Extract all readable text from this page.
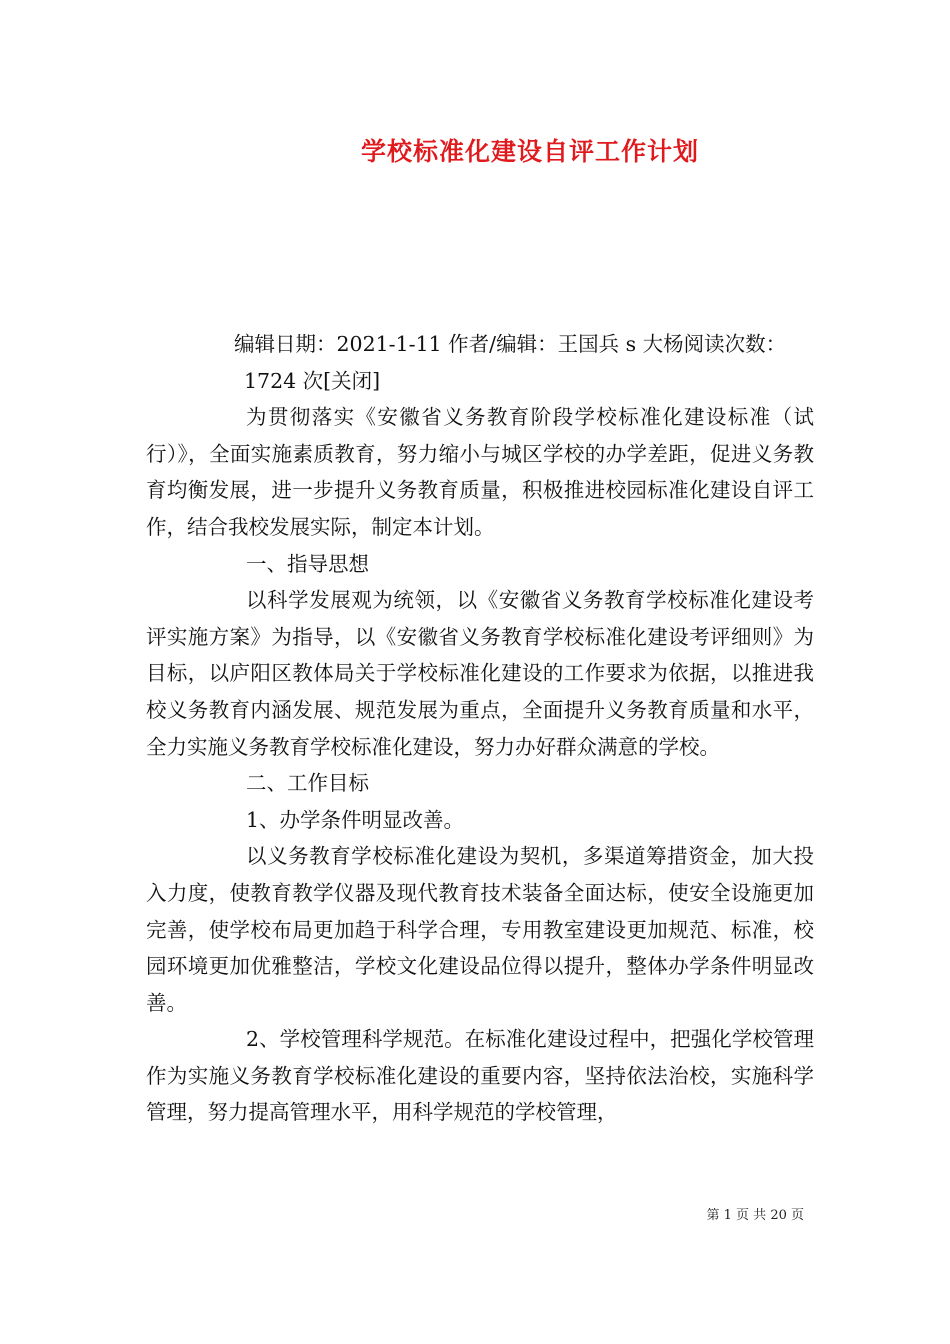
学校标准化建设自评工作计划

编辑日期：2021-1-11 作者/编辑：王国兵 s 大杨阅读次数：

1724 次[关闭]

为贯彻落实《安徽省义务教育阶段学校标准化建设标准（试行）》，全面实施素质教育，努力缩小与城区学校的办学差距，促进义务教育均衡发展，进一步提升义务教育质量，积极推进校园标准化建设自评工作，结合我校发展实际，制定本计划。

一、指导思想

以科学发展观为统领，以《安徽省义务教育学校标准化建设考评实施方案》为指导，以《安徽省义务教育学校标准化建设考评细则》为目标，以庐阳区教体局关于学校标准化建设的工作要求为依据，以推进我校义务教育内涵发展、规范发展为重点，全面提升义务教育质量和水平，全力实施义务教育学校标准化建设，努力办好群众满意的学校。

二、工作目标

1、办学条件明显改善。

以义务教育学校标准化建设为契机，多渠道筹措资金，加大投入力度，使教育教学仪器及现代教育技术装备全面达标，使安全设施更加完善，使学校布局更加趋于科学合理，专用教室建设更加规范、标准，校园环境更加优雅整洁，学校文化建设品位得以提升，整体办学条件明显改善。

2、学校管理科学规范。在标准化建设过程中，把强化学校管理作为实施义务教育学校标准化建设的重要内容，坚持依法治校，实施科学管理，努力提高管理水平，用科学规范的学校管理，

第 1 页 共 20 页
